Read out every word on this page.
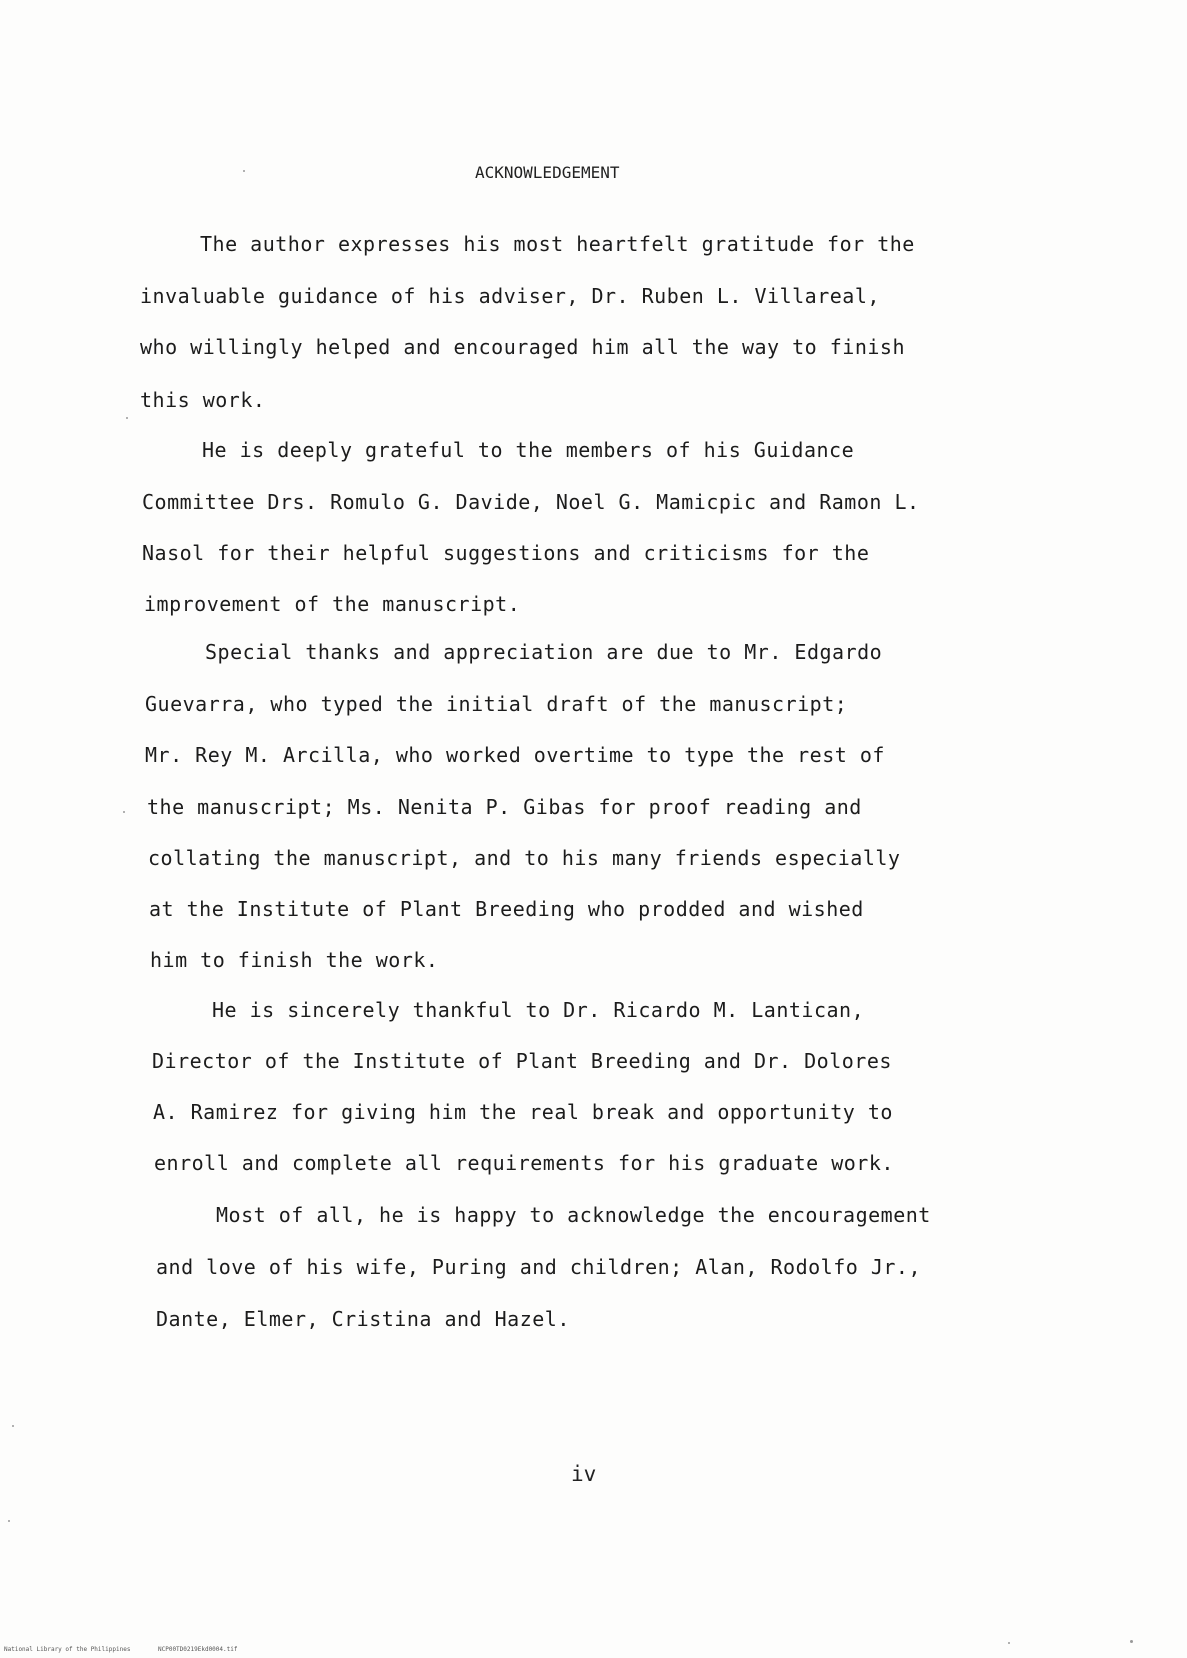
ACKNOWLEDGEMENT
The author expresses his most heartfelt gratitude for the
invaluable guidance of his adviser, Dr. Ruben L. Villareal,
who willingly helped and encouraged him all the way to finish
this work.
He is deeply grateful to the members of his Guidance
Committee Drs. Romulo G. Davide, Noel G. Mamicpic and Ramon L.
Nasol for their helpful suggestions and criticisms for the
improvement of the manuscript.
Special thanks and appreciation are due to Mr. Edgardo
Guevarra, who typed the initial draft of the manuscript;
Mr. Rey M. Arcilla, who worked overtime to type the rest of
the manuscript; Ms. Nenita P. Gibas for proof reading and
collating the manuscript, and to his many friends especially
at the Institute of Plant Breeding who prodded and wished
him to finish the work.
He is sincerely thankful to Dr. Ricardo M. Lantican,
Director of the Institute of Plant Breeding and Dr. Dolores
A. Ramirez for giving him the real break and opportunity to
enroll and complete all requirements for his graduate work.
Most of all, he is happy to acknowledge the encouragement
and love of his wife, Puring and children; Alan, Rodolfo Jr.,
Dante, Elmer, Cristina and Hazel.
iv
National Library of the Philippines	NCP00TD0219Ekd0004.tif
